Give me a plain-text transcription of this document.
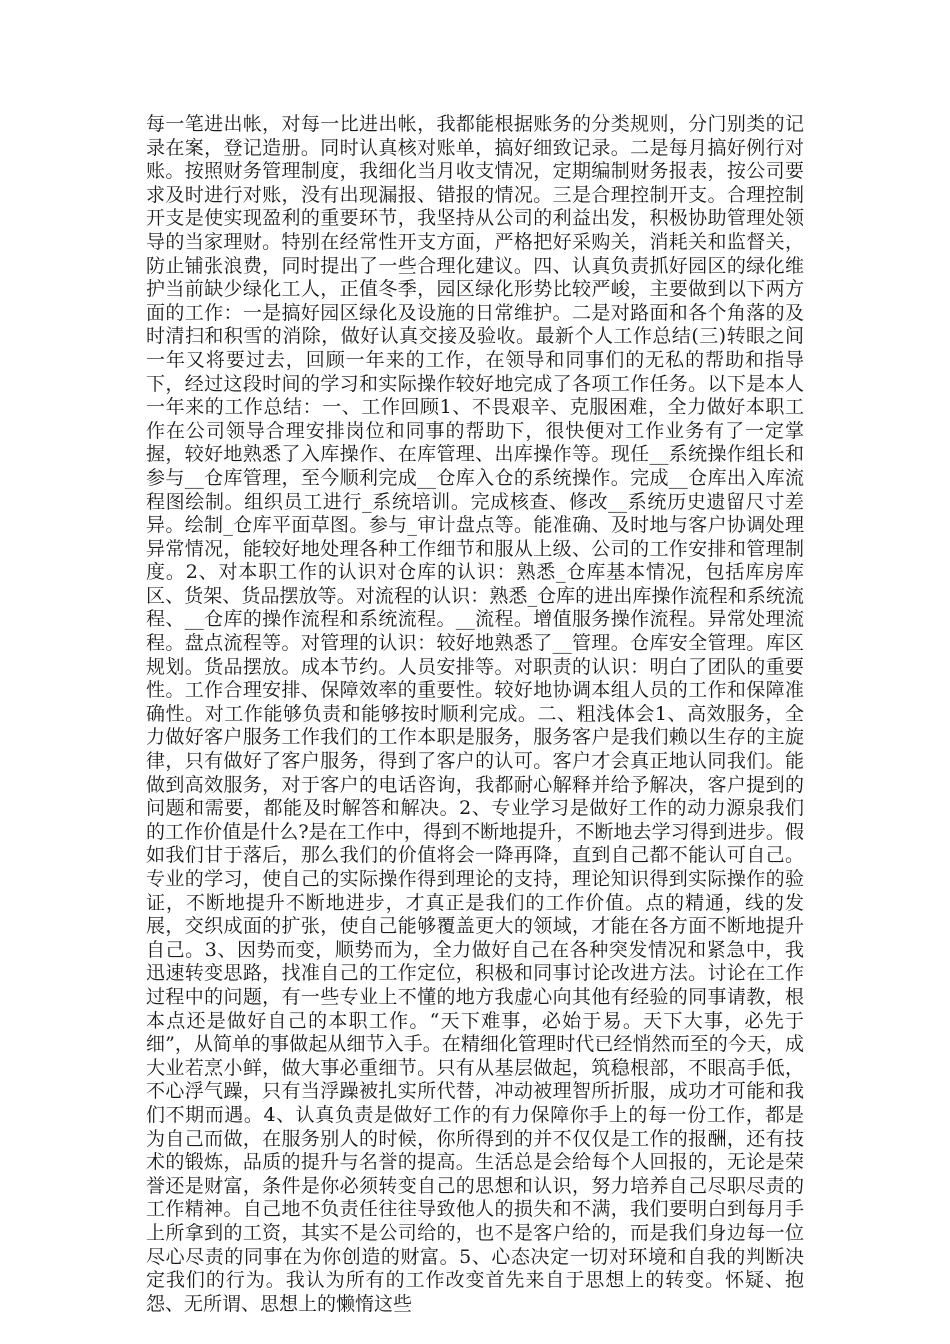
每一笔进出帐，对每一比进出帐，我都能根据账务的分类规则，分门别类的记录在案，登记造册。同时认真核对账单，搞好细致记录。二是每月搞好例行对账。按照财务管理制度，我细化当月收支情况，定期编制财务报表，按公司要求及时进行对账，没有出现漏报、错报的情况。三是合理控制开支。合理控制开支是使实现盈利的重要环节，我坚持从公司的利益出发，积极协助管理处领导的当家理财。特别在经常性开支方面，严格把好采购关，消耗关和监督关，防止铺张浪费，同时提出了一些合理化建议。四、认真负责抓好园区的绿化维护当前缺少绿化工人，正值冬季，园区绿化形势比较严峻，主要做到以下两方面的工作：一是搞好园区绿化及设施的日常维护。二是对路面和各个角落的及时清扫和积雪的消除，做好认真交接及验收。最新个人工作总结(三)转眼之间一年又将要过去，回顾一年来的工作，在领导和同事们的无私的帮助和指导下，经过这段时间的学习和实际操作较好地完成了各项工作任务。以下是本人一年来的工作总结：一、工作回顾1、不畏艰辛、克服困难，全力做好本职工作在公司领导合理安排岗位和同事的帮助下，很快便对工作业务有了一定掌握，较好地熟悉了入库操作、在库管理、出库操作等。现任__系统操作组长和参与__仓库管理，至今顺利完成__仓库入仓的系统操作。完成__仓库出入库流程图绘制。组织员工进行_系统培训。完成核查、修改__系统历史遗留尺寸差异。绘制_仓库平面草图。参与_审计盘点等。能准确、及时地与客户协调处理异常情况，能较好地处理各种工作细节和服从上级、公司的工作安排和管理制度。2、对本职工作的认识对仓库的认识：熟悉_仓库基本情况，包括库房库区、货架、货品摆放等。对流程的认识：熟悉_仓库的进出库操作流程和系统流程、__仓库的操作流程和系统流程。__流程。增值服务操作流程。异常处理流程。盘点流程等。对管理的认识：较好地熟悉了__管理。仓库安全管理。库区规划。货品摆放。成本节约。人员安排等。对职责的认识：明白了团队的重要性。工作合理安排、保障效率的重要性。较好地协调本组人员的工作和保障准确性。对工作能够负责和能够按时顺利完成。二、粗浅体会1、高效服务，全力做好客户服务工作我们的工作本职是服务，服务客户是我们赖以生存的主旋律，只有做好了客户服务，得到了客户的认可。客户才会真正地认同我们。能做到高效服务，对于客户的电话咨询，我都耐心解释并给予解决，客户提到的问题和需要，都能及时解答和解决。2、专业学习是做好工作的动力源泉我们的工作价值是什么?是在工作中，得到不断地提升，不断地去学习得到进步。假如我们甘于落后，那么我们的价值将会一降再降，直到自己都不能认可自己。专业的学习，使自己的实际操作得到理论的支持，理论知识得到实际操作的验证，不断地提升不断地进步，才真正是我们的工作价值。点的精通，线的发展，交织成面的扩张，使自己能够覆盖更大的领域，才能在各方面不断地提升自己。3、因势而变，顺势而为，全力做好自己在各种突发情况和紧急中，我迅速转变思路，找准自己的工作定位，积极和同事讨论改进方法。讨论在工作过程中的问题，有一些专业上不懂的地方我虚心向其他有经验的同事请教，根本点还是做好自己的本职工作。“天下难事，必始于易。天下大事，必先于细”，从简单的事做起从细节入手。在精细化管理时代已经悄然而至的今天，成大业若烹小鲜，做大事必重细节。只有从基层做起，筑稳根部，不眼高手低，不心浮气躁，只有当浮躁被扎实所代替，冲动被理智所折服，成功才可能和我们不期而遇。4、认真负责是做好工作的有力保障你手上的每一份工作，都是为自己而做，在服务别人的时候，你所得到的并不仅仅是工作的报酬，还有技术的锻炼，品质的提升与名誉的提高。生活总是会给每个人回报的，无论是荣誉还是财富，条件是你必须转变自己的思想和认识，努力培养自己尽职尽责的工作精神。自己地不负责任往往导致他人的损失和不满，我们要明白到每月手上所拿到的工资，其实不是公司给的，也不是客户给的，而是我们身边每一位尽心尽责的同事在为你创造的财富。5、心态决定一切对环境和自我的判断决定我们的行为。我认为所有的工作改变首先来自于思想上的转变。怀疑、抱怨、无所谓、思想上的懒惰这些
